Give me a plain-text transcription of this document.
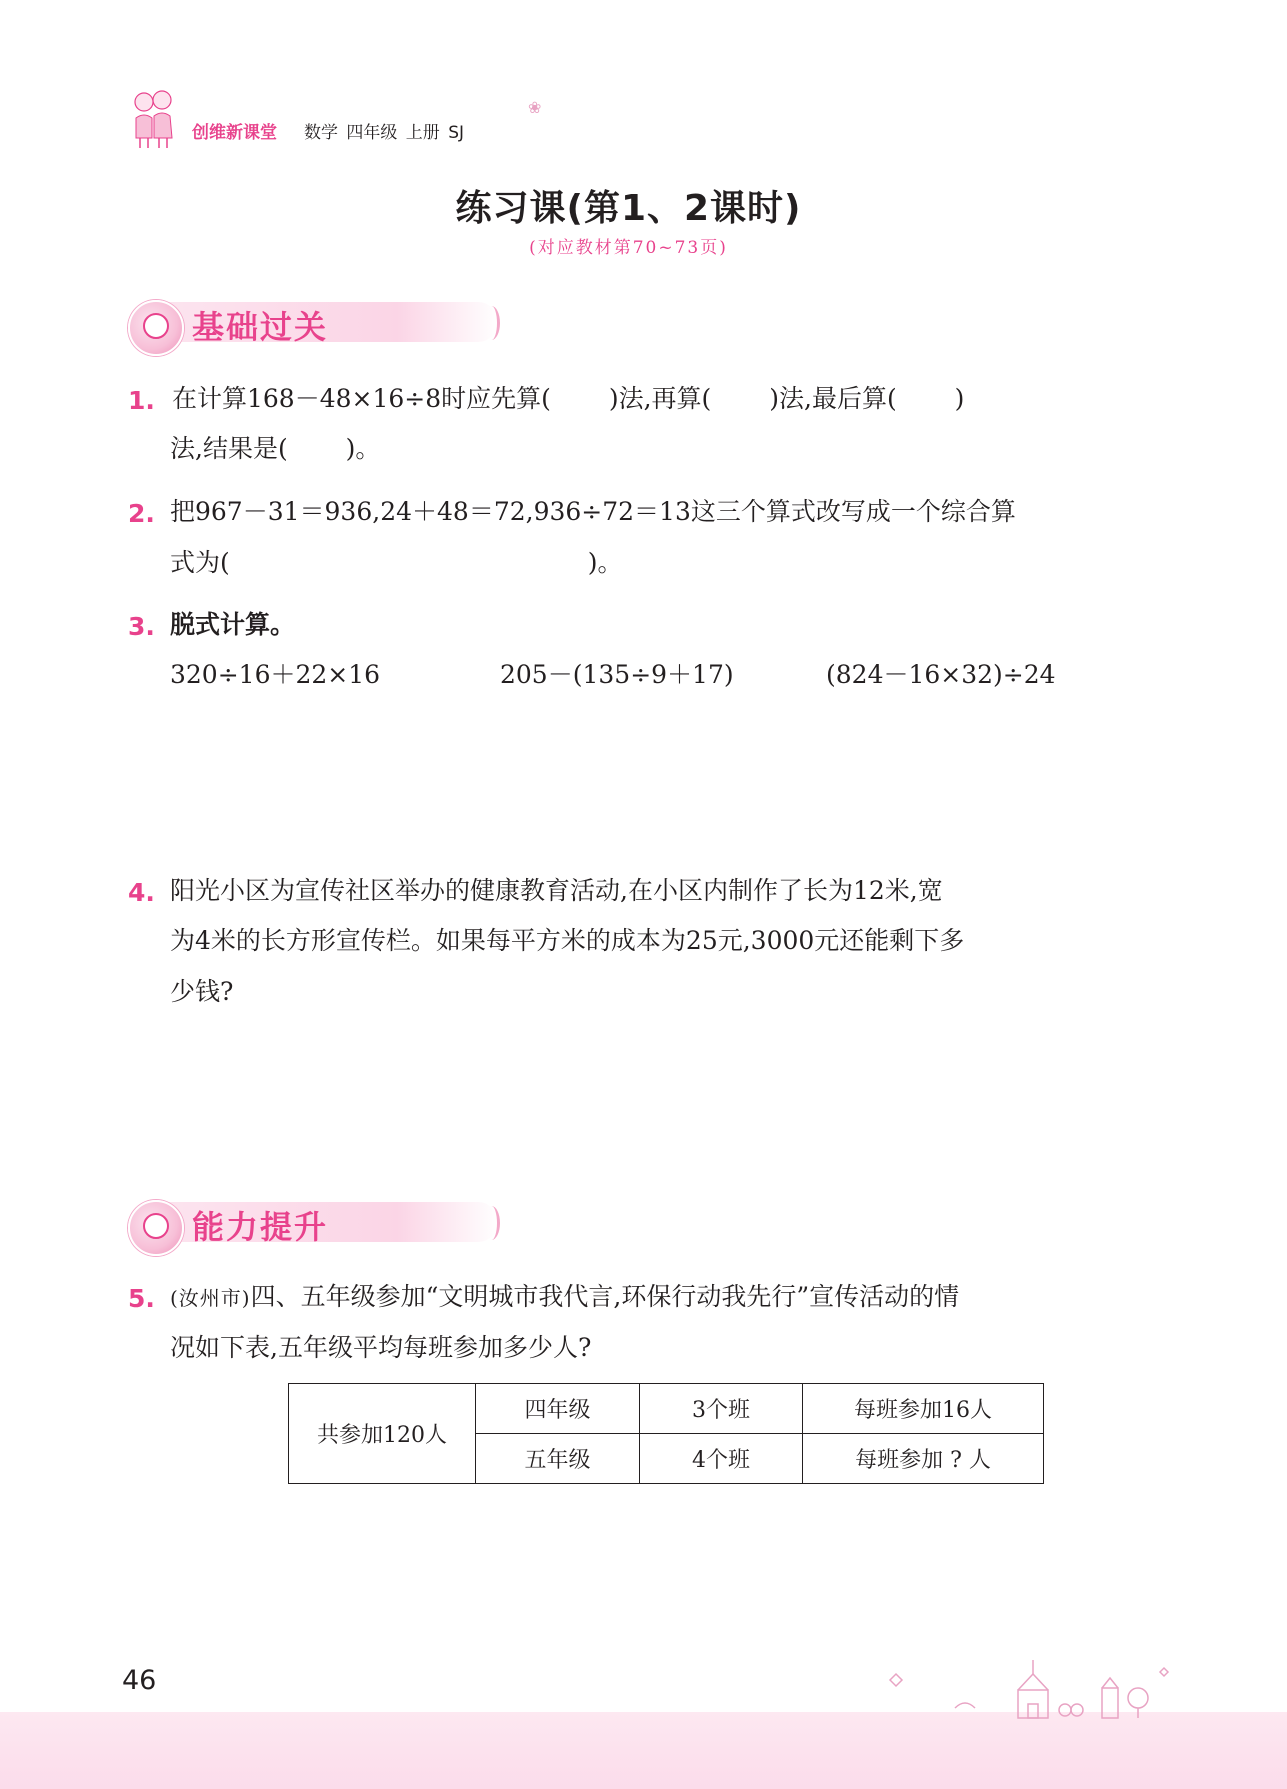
创维新课堂 数学 四年级 上册 SJ
❀
练习课(第1、2课时)
(对应教材第70~73页)
基础过关
1. 在计算168－48×16÷8时应先算(　　 )法,再算(　　 )法,最后算(　　 )
法,结果是(　　 )。
2. 把967－31＝936,24＋48＝72,936÷72＝13这三个算式改写成一个综合算
式为(　　　　　　　　　　　　　　 )。
3. 脱式计算。
320÷16＋22×16	205－(135÷9＋17)	(824－16×32)÷24
4. 阳光小区为宣传社区举办的健康教育活动,在小区内制作了长为12米,宽
为4米的长方形宣传栏。如果每平方米的成本为25元,3000元还能剩下多
少钱?
能力提升
5. (汝州市)四、五年级参加“文明城市我代言,环保行动我先行”宣传活动的情
况如下表,五年级平均每班参加多少人?
共参加120人	四年级	3个班	每班参加16人
	五年级	4个班	每班参加 ? 人
46
